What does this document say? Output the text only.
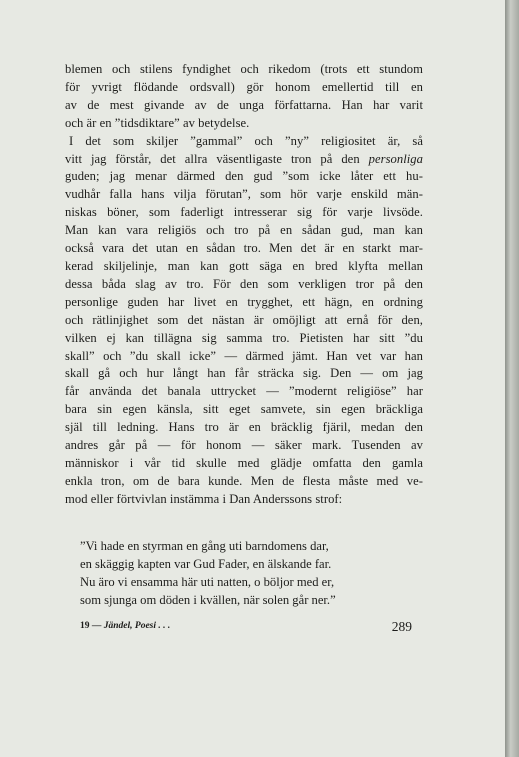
blemen och stilens fyndighet och rikedom (trots ett stundom
för yvrigt flödande ordsvall) gör honom emellertid till en
av de mest givande av de unga författarna. Han har varit
och är en ”tidsdiktare” av betydelse.
I det som skiljer ”gammal” och ”ny” religiositet är, så
vitt jag förstår, det allra väsentligaste tron på den personliga
guden; jag menar därmed den gud ”som icke låter ett hu-
vudhår falla hans vilja förutan”, som hör varje enskild män-
niskas böner, som faderligt intresserar sig för varje livsöde.
Man kan vara religiös och tro på en sådan gud, man kan
också vara det utan en sådan tro. Men det är en starkt mar-
kerad skiljelinje, man kan gott säga en bred klyfta mellan
dessa båda slag av tro. För den som verkligen tror på den
personlige guden har livet en trygghet, ett hägn, en ordning
och rätlinjighet som det nästan är omöjligt att ernå för den,
vilken ej kan tillägna sig samma tro. Pietisten har sitt ”du
skall” och ”du skall icke” — därmed jämt. Han vet var han
skall gå och hur långt han får sträcka sig. Den — om jag
får använda det banala uttrycket — ”modernt religiöse” har
bara sin egen känsla, sitt eget samvete, sin egen bräckliga
själ till ledning. Hans tro är en bräcklig fjäril, medan den
andres går på — för honom — säker mark. Tusenden av
människor i vår tid skulle med glädje omfatta den gamla
enkla tron, om de bara kunde. Men de flesta måste med ve-
mod eller förtvivlan instämma i Dan Anderssons strof:
”Vi hade en styrman en gång uti barndomens dar,
en skäggig kapten var Gud Fader, en älskande far.
Nu äro vi ensamma här uti natten, o böljor med er,
som sjunga om döden i kvällen, när solen går ner.”
19 — Jändel, Poesi . . .	289
